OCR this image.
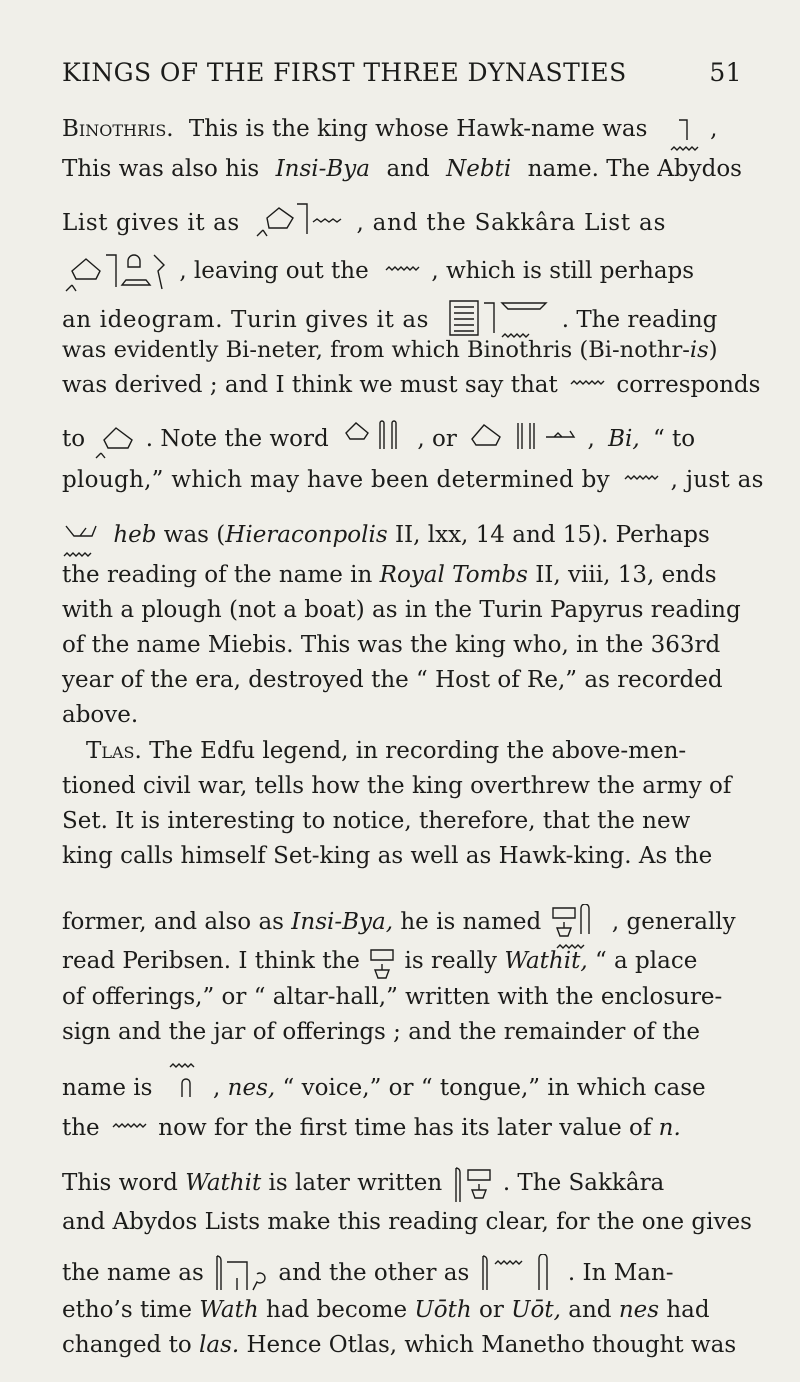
KINGS OF THE FIRST THREE DYNASTIES	51
Binothris. This is the king whose Hawk-name was	,
This was also his Insi-Bya and Nebti name. The Abydos
List gives it as	, and the Sakkâra List as
, leaving out the	, which is still perhaps
an ideogram. Turin gives it as	. The reading
was evidently Bi-neter, from which Binothris (Bi-nothr-is)
was derived ; and I think we must say that	corresponds
to	. Note the word	, or	, Bi, “ to
plough,” which may have been determined by	, just as
heb was (Hieraconpolis II, lxx, 14 and 15). Perhaps
the reading of the name in Royal Tombs II, viii, 13, ends
with a plough (not a boat) as in the Turin Papyrus reading
of the name Miebis. This was the king who, in the 363rd
year of the era, destroyed the “ Host of Re,” as recorded
above.
Tlas. The Edfu legend, in recording the above-men-
tioned civil war, tells how the king overthrew the army of
Set. It is interesting to notice, therefore, that the new
king calls himself Set-king as well as Hawk-king. As the
former, and also as Insi-Bya, he is named	, generally
read Peribsen. I think the is really Wathit, “ a place
of offerings,” or “ altar-hall,” written with the enclosure-
sign and the jar of offerings ; and the remainder of the
name is	, nes, “ voice,” or “ tongue,” in which case
the	now for the first time has its later value of n.
This word Wathit is later written	. The Sakkâra
and Abydos Lists make this reading clear, for the one gives
the name as	and the other as	. In Man-
etho’s time Wath had become Uōth or Uōt, and nes had
changed to las. Hence Otlas, which Manetho thought was
